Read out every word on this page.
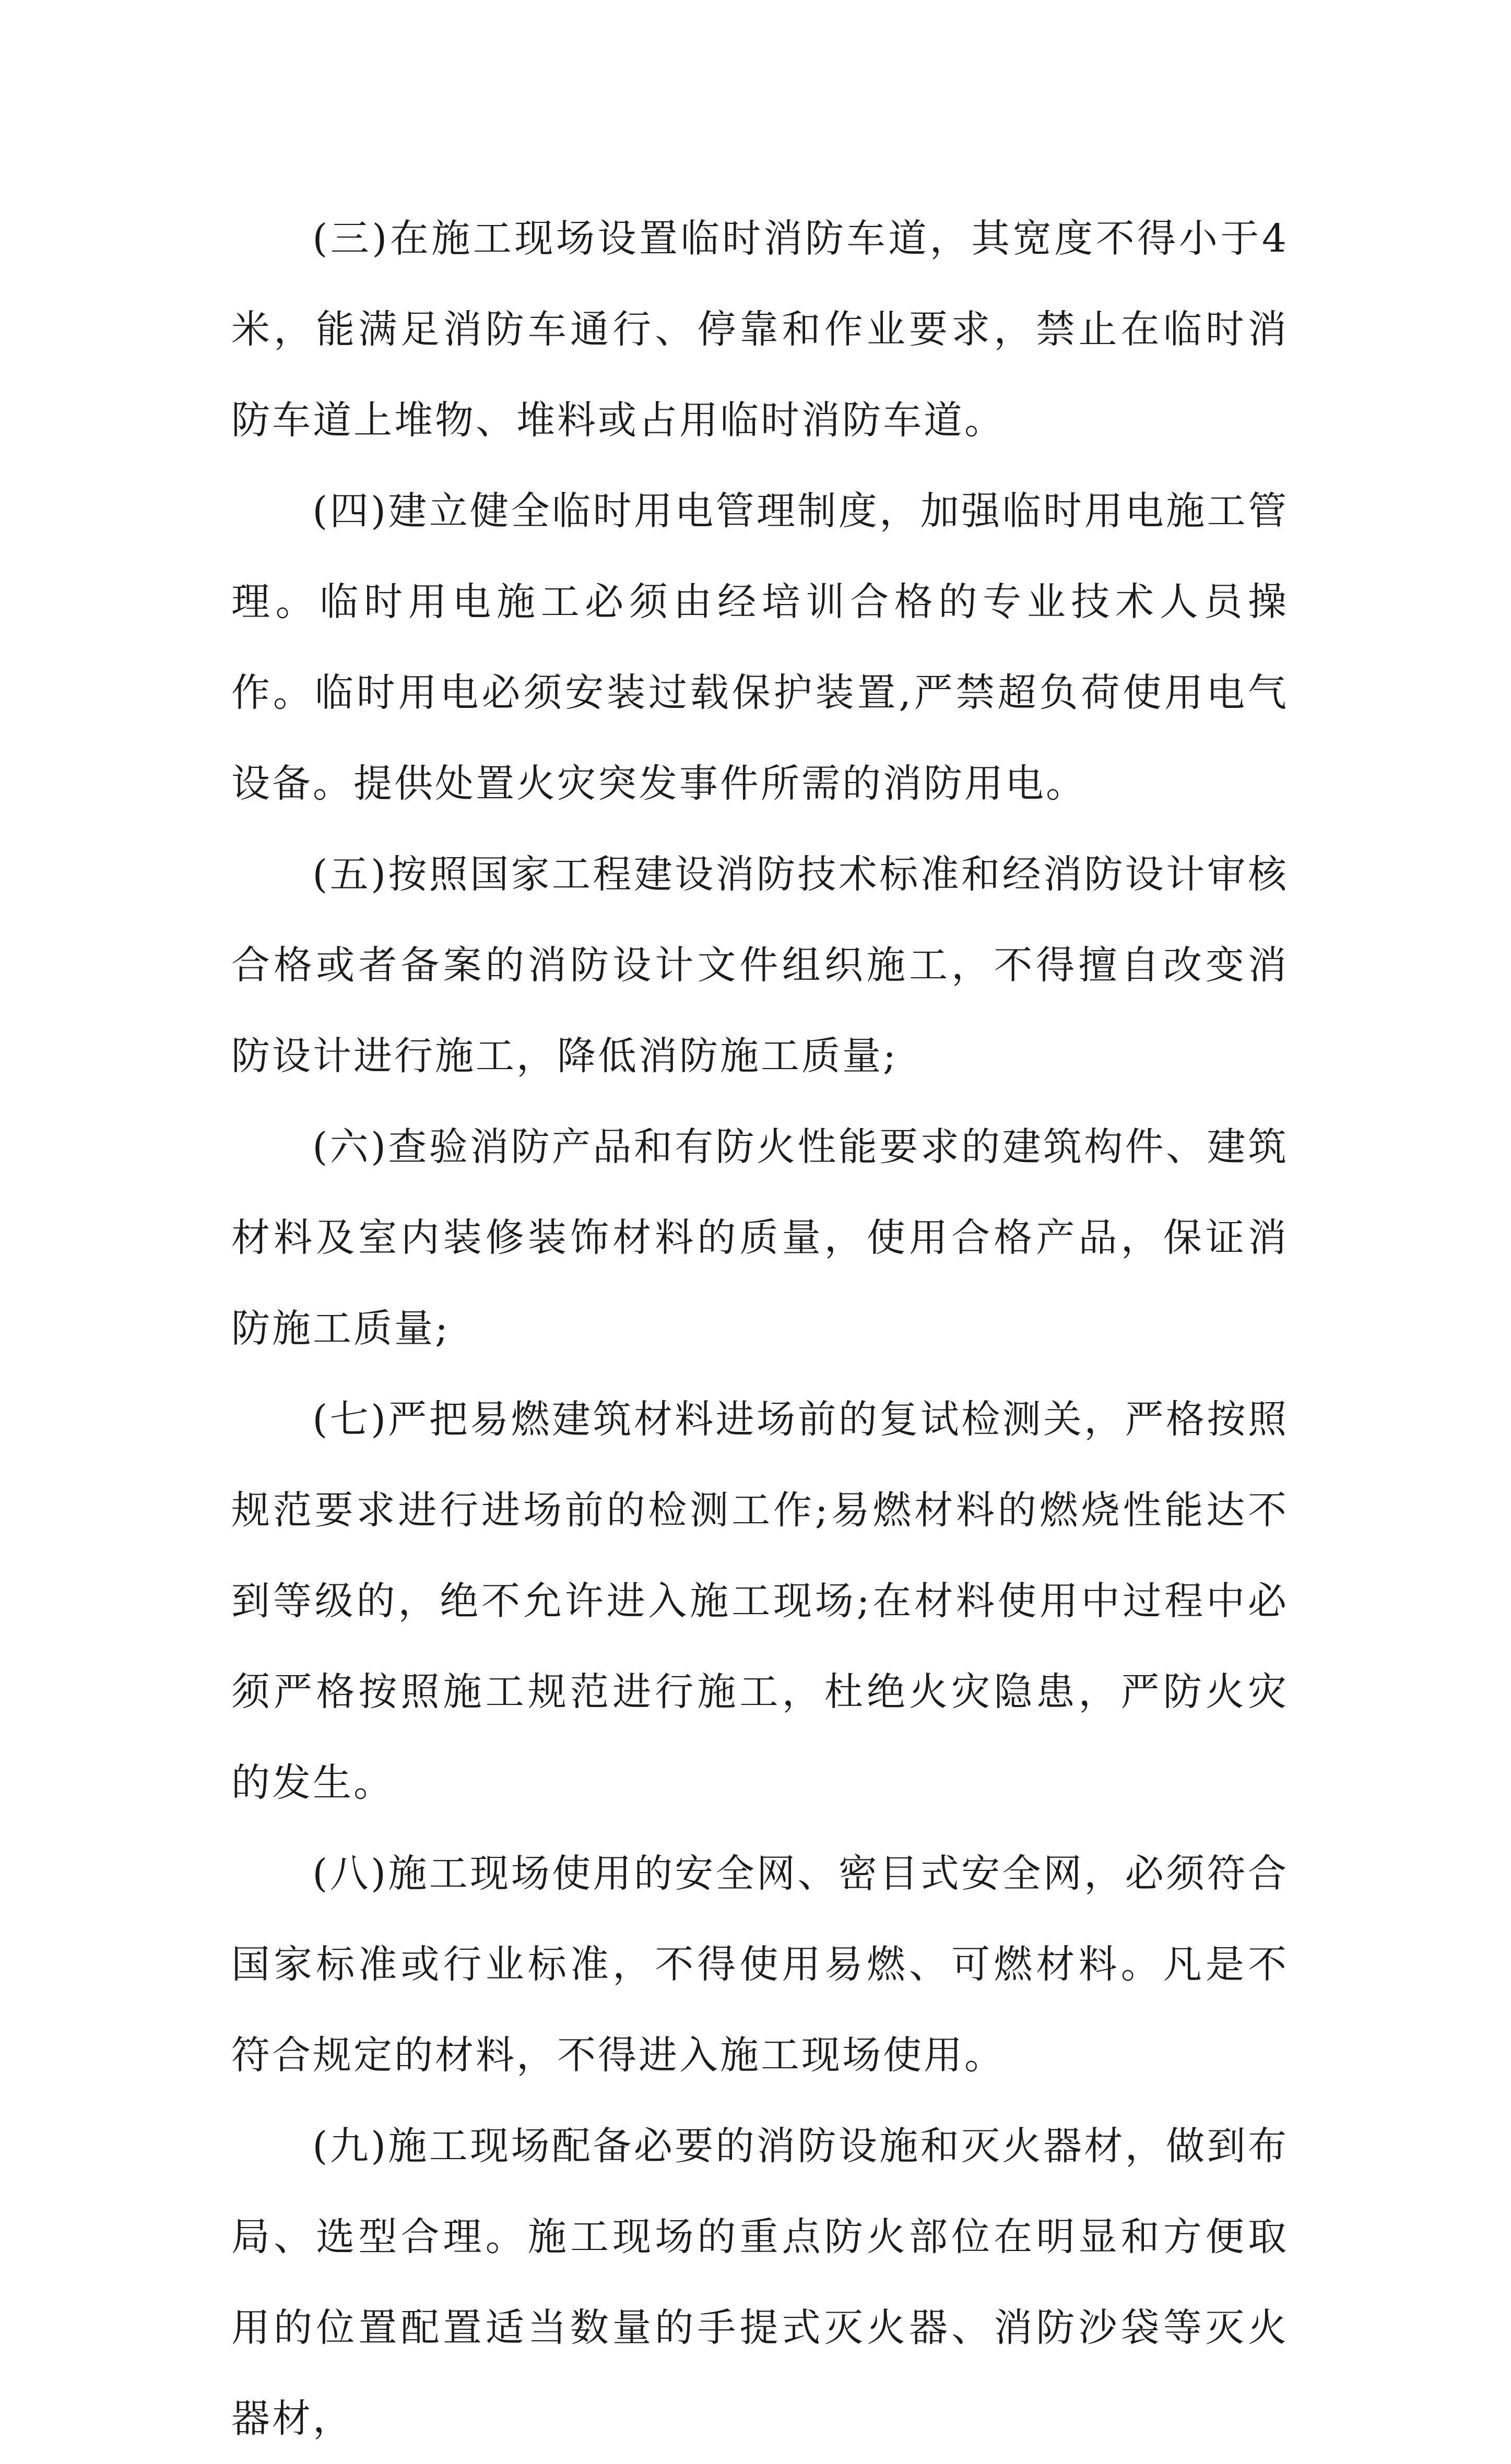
(三)在施工现场设置临时消防车道，其宽度不得小于4米，能满足消防车通行、停靠和作业要求，禁止在临时消防车道上堆物、堆料或占用临时消防车道。

(四)建立健全临时用电管理制度，加强临时用电施工管理。临时用电施工必须由经培训合格的专业技术人员操作。临时用电必须安装过载保护装置,严禁超负荷使用电气设备。提供处置火灾突发事件所需的消防用电。

(五)按照国家工程建设消防技术标准和经消防设计审核合格或者备案的消防设计文件组织施工，不得擅自改变消防设计进行施工，降低消防施工质量;

(六)查验消防产品和有防火性能要求的建筑构件、建筑材料及室内装修装饰材料的质量，使用合格产品，保证消防施工质量;

(七)严把易燃建筑材料进场前的复试检测关，严格按照规范要求进行进场前的检测工作;易燃材料的燃烧性能达不到等级的，绝不允许进入施工现场;在材料使用中过程中必须严格按照施工规范进行施工，杜绝火灾隐患，严防火灾的发生。

(八)施工现场使用的安全网、密目式安全网，必须符合国家标准或行业标准，不得使用易燃、可燃材料。凡是不符合规定的材料，不得进入施工现场使用。

(九)施工现场配备必要的消防设施和灭火器材，做到布局、选型合理。施工现场的重点防火部位在明显和方便取用的位置配置适当数量的手提式灭火器、消防沙袋等灭火器材，
